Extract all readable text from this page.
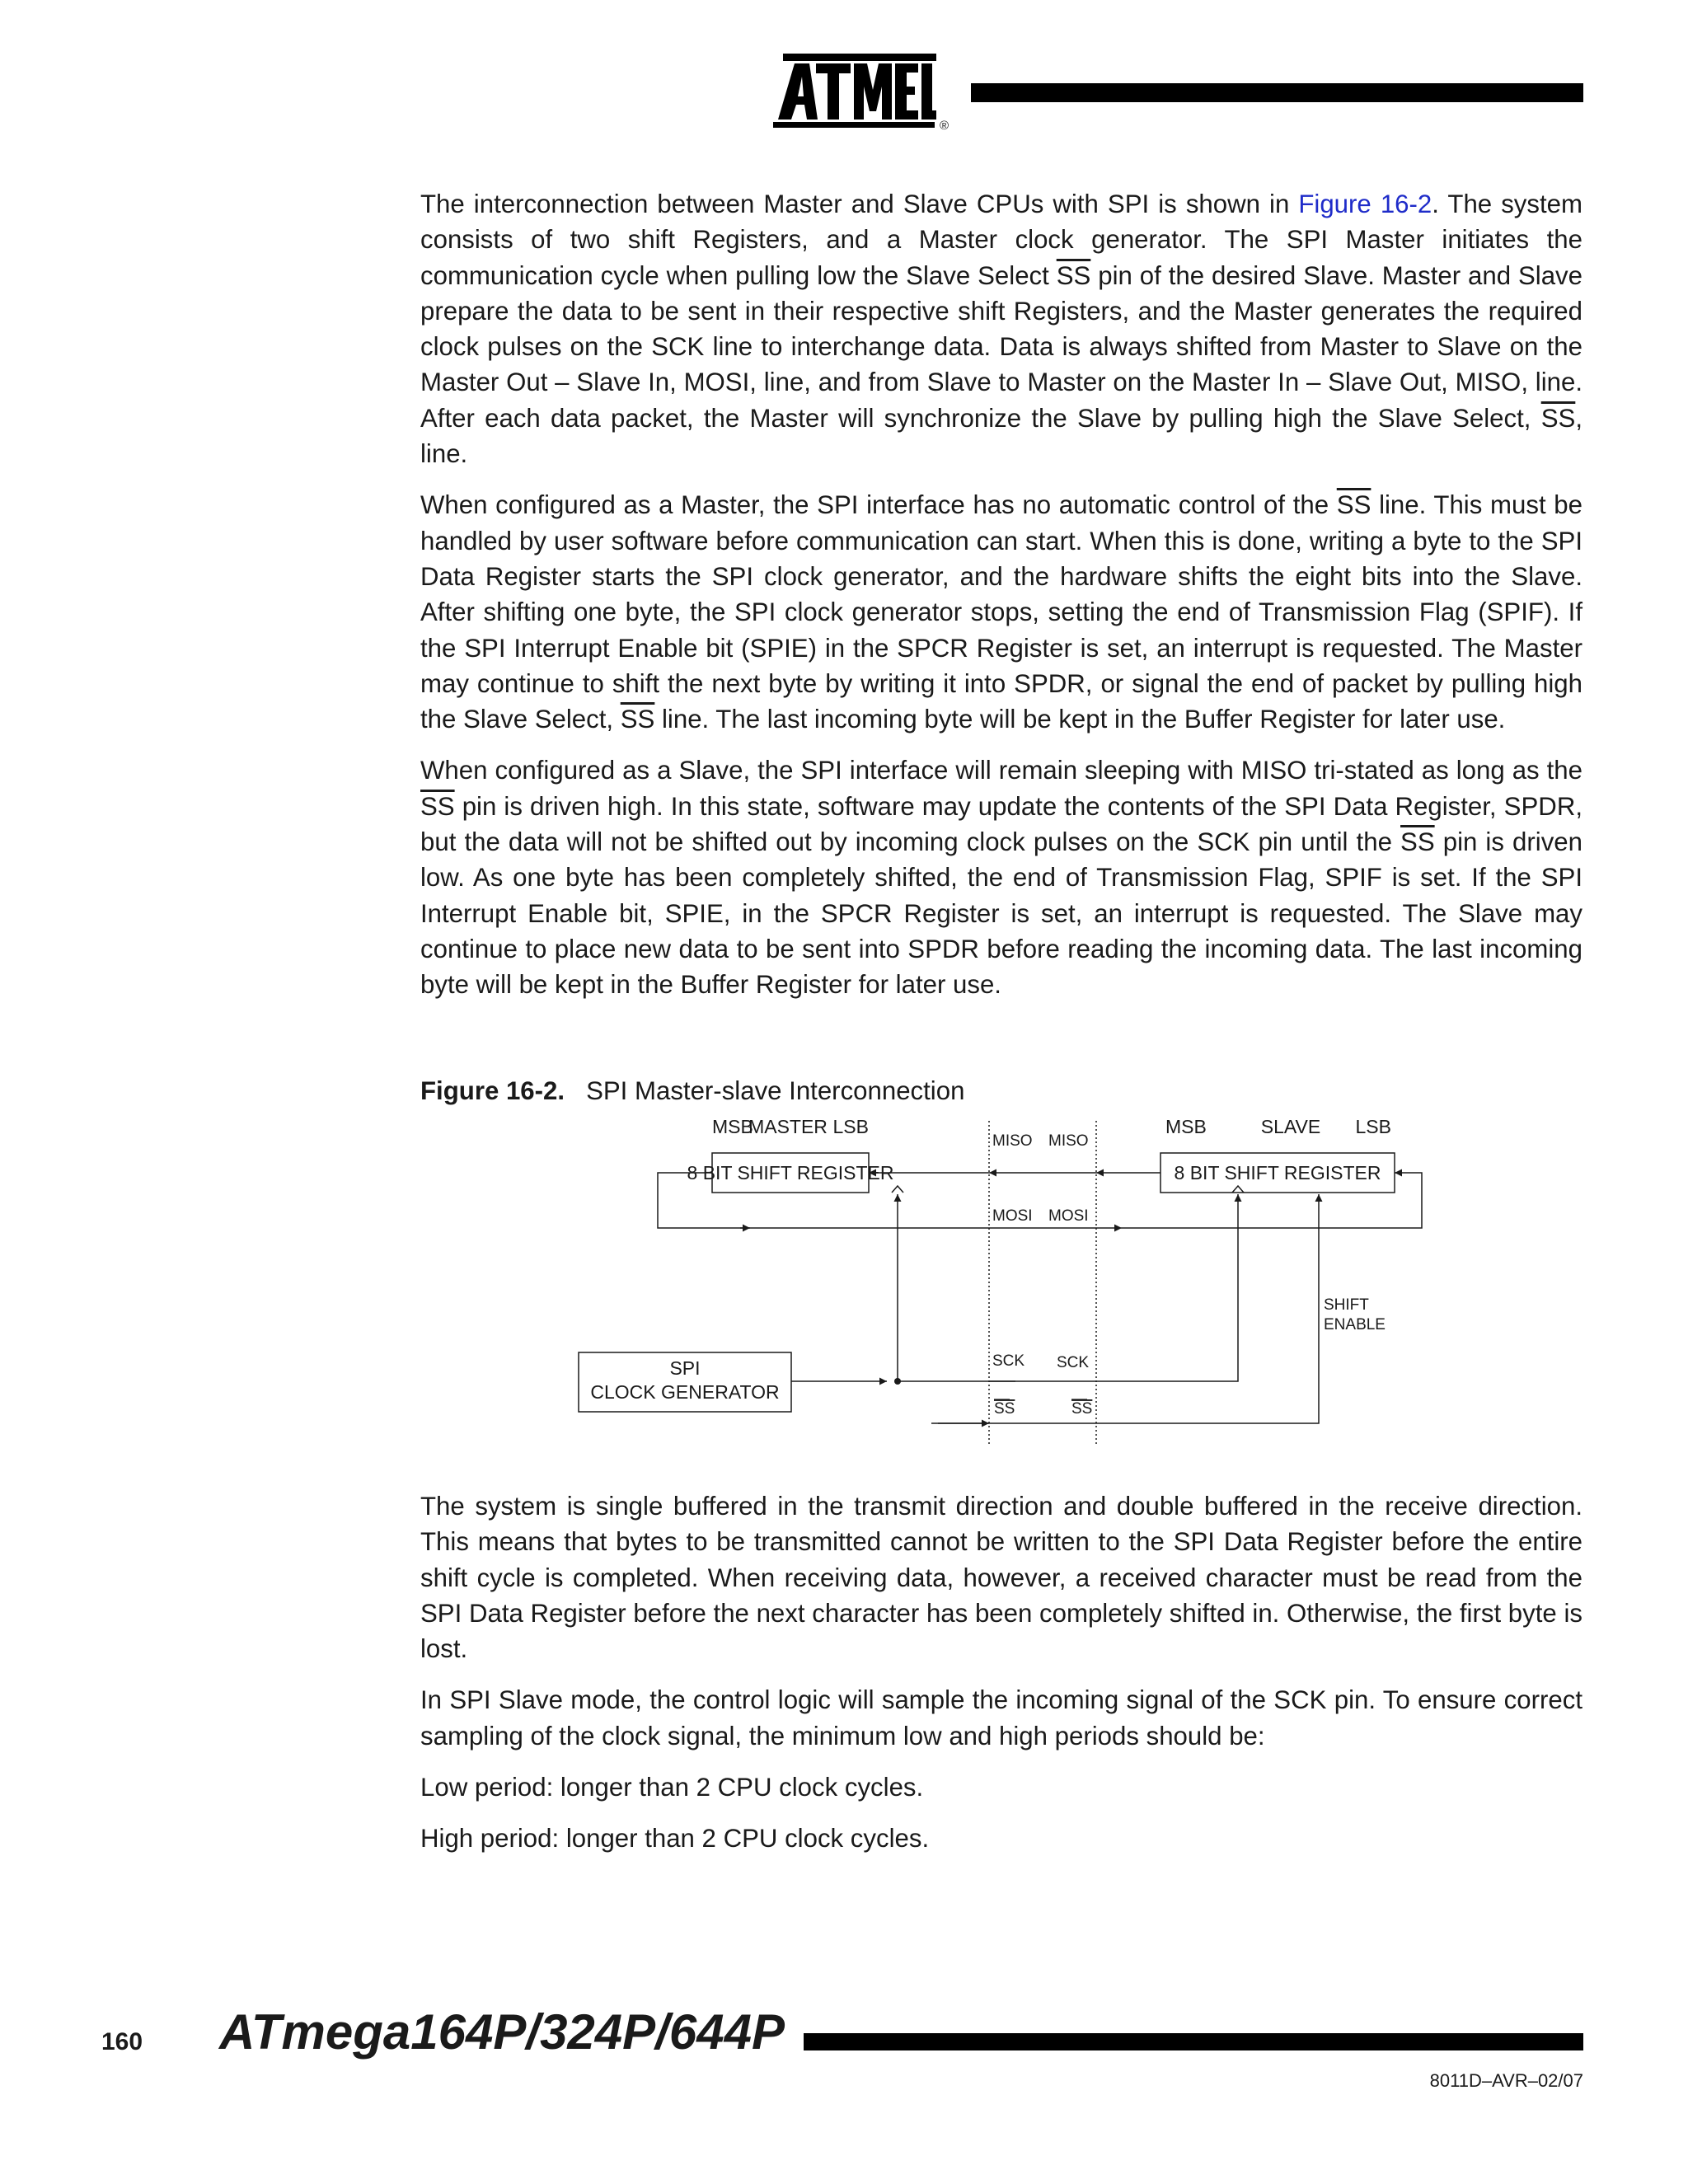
®

The interconnection between Master and Slave CPUs with SPI is shown in Figure 16-2. The system consists of two shift Registers, and a Master clock generator. The SPI Master initiates the communication cycle when pulling low the Slave Select $\overline{SS}$ pin of the desired Slave. Master and Slave prepare the data to be sent in their respective shift Registers, and the Master generates the required clock pulses on the SCK line to interchange data. Data is always shifted from Master to Slave on the Master Out – Slave In, MOSI, line, and from Slave to Master on the Master In – Slave Out, MISO, line. After each data packet, the Master will synchronize the Slave by pulling high the Slave Select, $\overline{SS}$, line.

When configured as a Master, the SPI interface has no automatic control of the $\overline{SS}$ line. This must be handled by user software before communication can start. When this is done, writing a byte to the SPI Data Register starts the SPI clock generator, and the hardware shifts the eight bits into the Slave. After shifting one byte, the SPI clock generator stops, setting the end of Transmission Flag (SPIF). If the SPI Interrupt Enable bit (SPIE) in the SPCR Register is set, an interrupt is requested. The Master may continue to shift the next byte by writing it into SPDR, or signal the end of packet by pulling high the Slave Select, $\overline{SS}$ line. The last incoming byte will be kept in the Buffer Register for later use.

When configured as a Slave, the SPI interface will remain sleeping with MISO tri-stated as long as the $\overline{SS}$ pin is driven high. In this state, software may update the contents of the SPI Data Register, SPDR, but the data will not be shifted out by incoming clock pulses on the SCK pin until the $\overline{SS}$ pin is driven low. As one byte has been completely shifted, the end of Transmission Flag, SPIF is set. If the SPI Interrupt Enable bit, SPIE, in the SPCR Register is set, an interrupt is requested. The Slave may continue to place new data to be sent into SPDR before reading the incoming data. The last incoming byte will be kept in the Buffer Register for later use.

Figure 16-2. SPI Master-slave Interconnection
MSB
MASTER LSB	MSB	SLAVE LSB
8 BIT SHIFT REGISTER	8 BIT SHIFT REGISTER
MISO MISO
MOSI MOSI
SCK SCK
SS	SS
SHIFT
ENABLE
SPI
CLOCK GENERATOR

The system is single buffered in the transmit direction and double buffered in the receive direction. This means that bytes to be transmitted cannot be written to the SPI Data Register before the entire shift cycle is completed. When receiving data, however, a received character must be read from the SPI Data Register before the next character has been completely shifted in. Otherwise, the first byte is lost.

In SPI Slave mode, the control logic will sample the incoming signal of the SCK pin. To ensure correct sampling of the clock signal, the minimum low and high periods should be:

Low period: longer than 2 CPU clock cycles.

High period: longer than 2 CPU clock cycles.

160 ATmega164P/324P/644P
8011D–AVR–02/07
